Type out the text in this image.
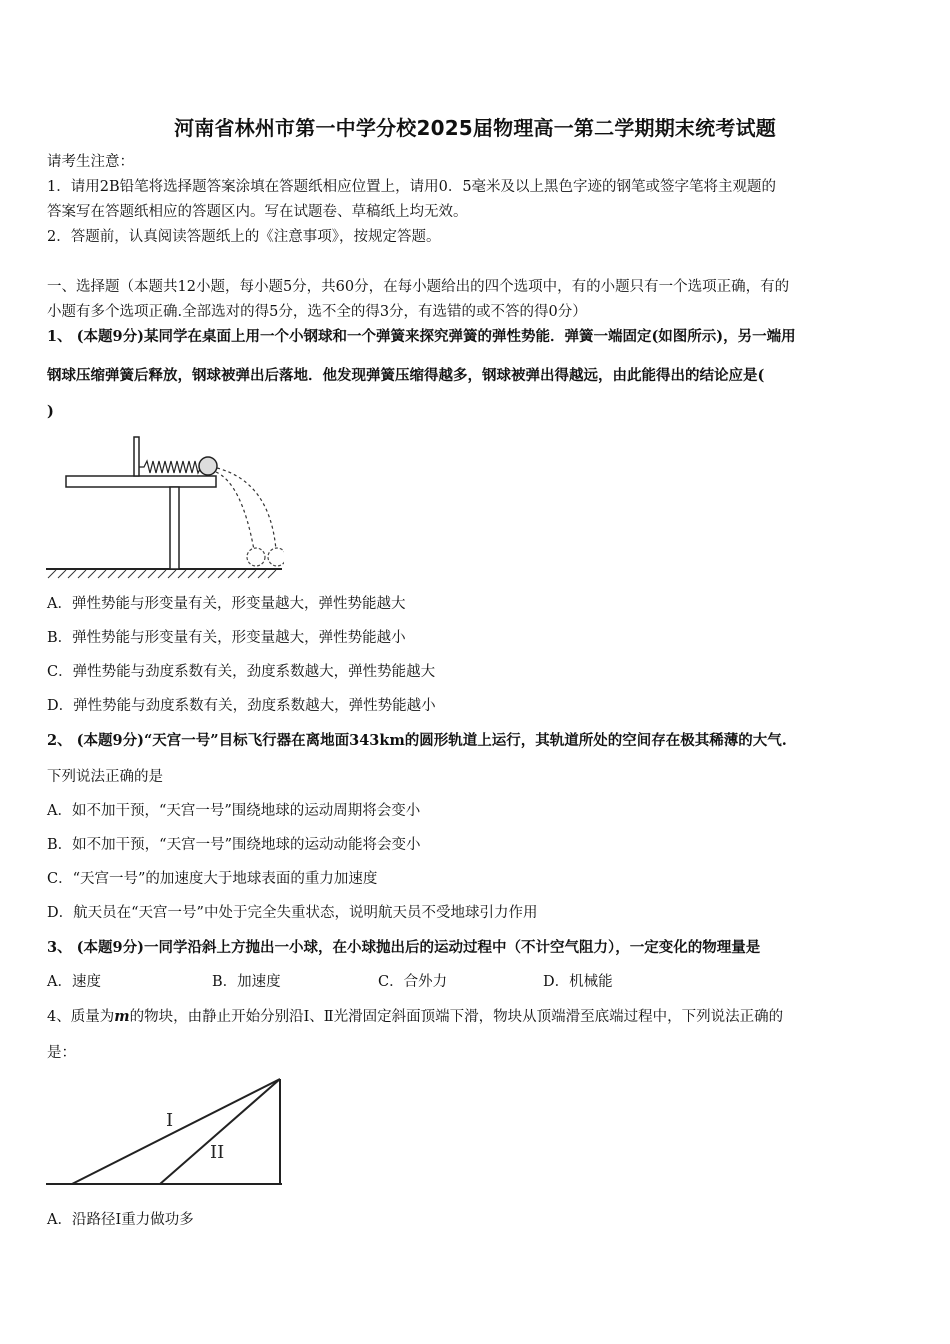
河南省林州市第一中学分校2025届物理高一第二学期期末统考试题
请考生注意：
1．请用2B铅笔将选择题答案涂填在答题纸相应位置上，请用0．5毫米及以上黑色字迹的钢笔或签字笔将主观题的
答案写在答题纸相应的答题区内。写在试题卷、草稿纸上均无效。
2．答题前，认真阅读答题纸上的《注意事项》，按规定答题。
一、选择题（本题共12小题，每小题5分，共60分，在每小题给出的四个选项中，有的小题只有一个选项正确，有的
小题有多个选项正确.全部选对的得5分，选不全的得3分，有选错的或不答的得0分）
1、 (本题9分)某同学在桌面上用一个小钢球和一个弹簧来探究弹簧的弹性势能．弹簧一端固定(如图所示)，另一端用
钢球压缩弹簧后释放，钢球被弹出后落地．他发现弹簧压缩得越多，钢球被弹出得越远，由此能得出的结论应是(
)
A．弹性势能与形变量有关，形变量越大，弹性势能越大
B．弹性势能与形变量有关，形变量越大，弹性势能越小
C．弹性势能与劲度系数有关，劲度系数越大，弹性势能越大
D．弹性势能与劲度系数有关，劲度系数越大，弹性势能越小
2、 (本题9分)“天宫一号”目标飞行器在离地面343km的圆形轨道上运行，其轨道所处的空间存在极其稀薄的大气.
下列说法正确的是
A．如不加干预，“天宫一号”围绕地球的运动周期将会变小
B．如不加干预，“天宫一号”围绕地球的运动动能将会变小
C．“天宫一号”的加速度大于地球表面的重力加速度
D．航天员在“天宫一号”中处于完全失重状态，说明航天员不受地球引力作用
3、 (本题9分)一同学沿斜上方抛出一小球，在小球抛出后的运动过程中（不计空气阻力），一定变化的物理量是
A．速度	B．加速度	C．合外力	D．机械能
4、质量为m的物块，由静止开始分别沿Ⅰ、Ⅱ光滑固定斜面顶端下滑，物块从顶端滑至底端过程中，下列说法正确的
是：
I
II
A．沿路径Ⅰ重力做功多
